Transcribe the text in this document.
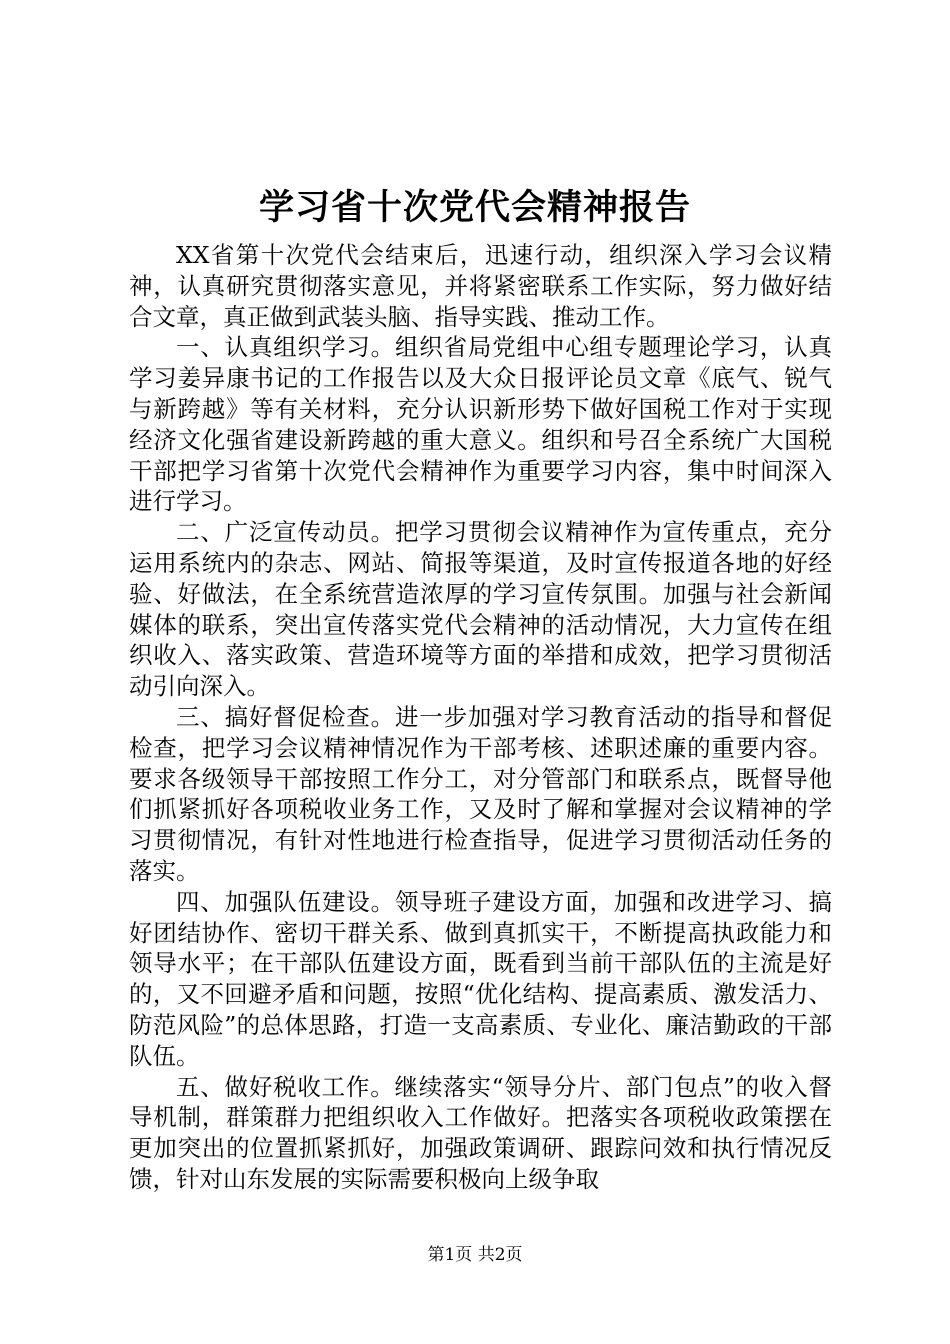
学习省十次党代会精神报告

XX省第十次党代会结束后，迅速行动，组织深入学习会议精神，认真研究贯彻落实意见，并将紧密联系工作实际，努力做好结合文章，真正做到武装头脑、指导实践、推动工作。

一、认真组织学习。组织省局党组中心组专题理论学习，认真学习姜异康书记的工作报告以及大众日报评论员文章《底气、锐气与新跨越》等有关材料，充分认识新形势下做好国税工作对于实现经济文化强省建设新跨越的重大意义。组织和号召全系统广大国税干部把学习省第十次党代会精神作为重要学习内容，集中时间深入进行学习。

二、广泛宣传动员。把学习贯彻会议精神作为宣传重点，充分运用系统内的杂志、网站、简报等渠道，及时宣传报道各地的好经验、好做法，在全系统营造浓厚的学习宣传氛围。加强与社会新闻媒体的联系，突出宣传落实党代会精神的活动情况，大力宣传在组织收入、落实政策、营造环境等方面的举措和成效，把学习贯彻活动引向深入。

三、搞好督促检查。进一步加强对学习教育活动的指导和督促检查，把学习会议精神情况作为干部考核、述职述廉的重要内容。要求各级领导干部按照工作分工，对分管部门和联系点，既督导他们抓紧抓好各项税收业务工作，又及时了解和掌握对会议精神的学习贯彻情况，有针对性地进行检查指导，促进学习贯彻活动任务的落实。

四、加强队伍建设。领导班子建设方面，加强和改进学习、搞好团结协作、密切干群关系、做到真抓实干，不断提高执政能力和领导水平；在干部队伍建设方面，既看到当前干部队伍的主流是好的，又不回避矛盾和问题，按照“优化结构、提高素质、激发活力、防范风险”的总体思路，打造一支高素质、专业化、廉洁勤政的干部队伍。

五、做好税收工作。继续落实“领导分片、部门包点”的收入督导机制，群策群力把组织收入工作做好。把落实各项税收政策摆在更加突出的位置抓紧抓好，加强政策调研、跟踪问效和执行情况反馈，针对山东发展的实际需要积极向上级争取

第1页 共2页
